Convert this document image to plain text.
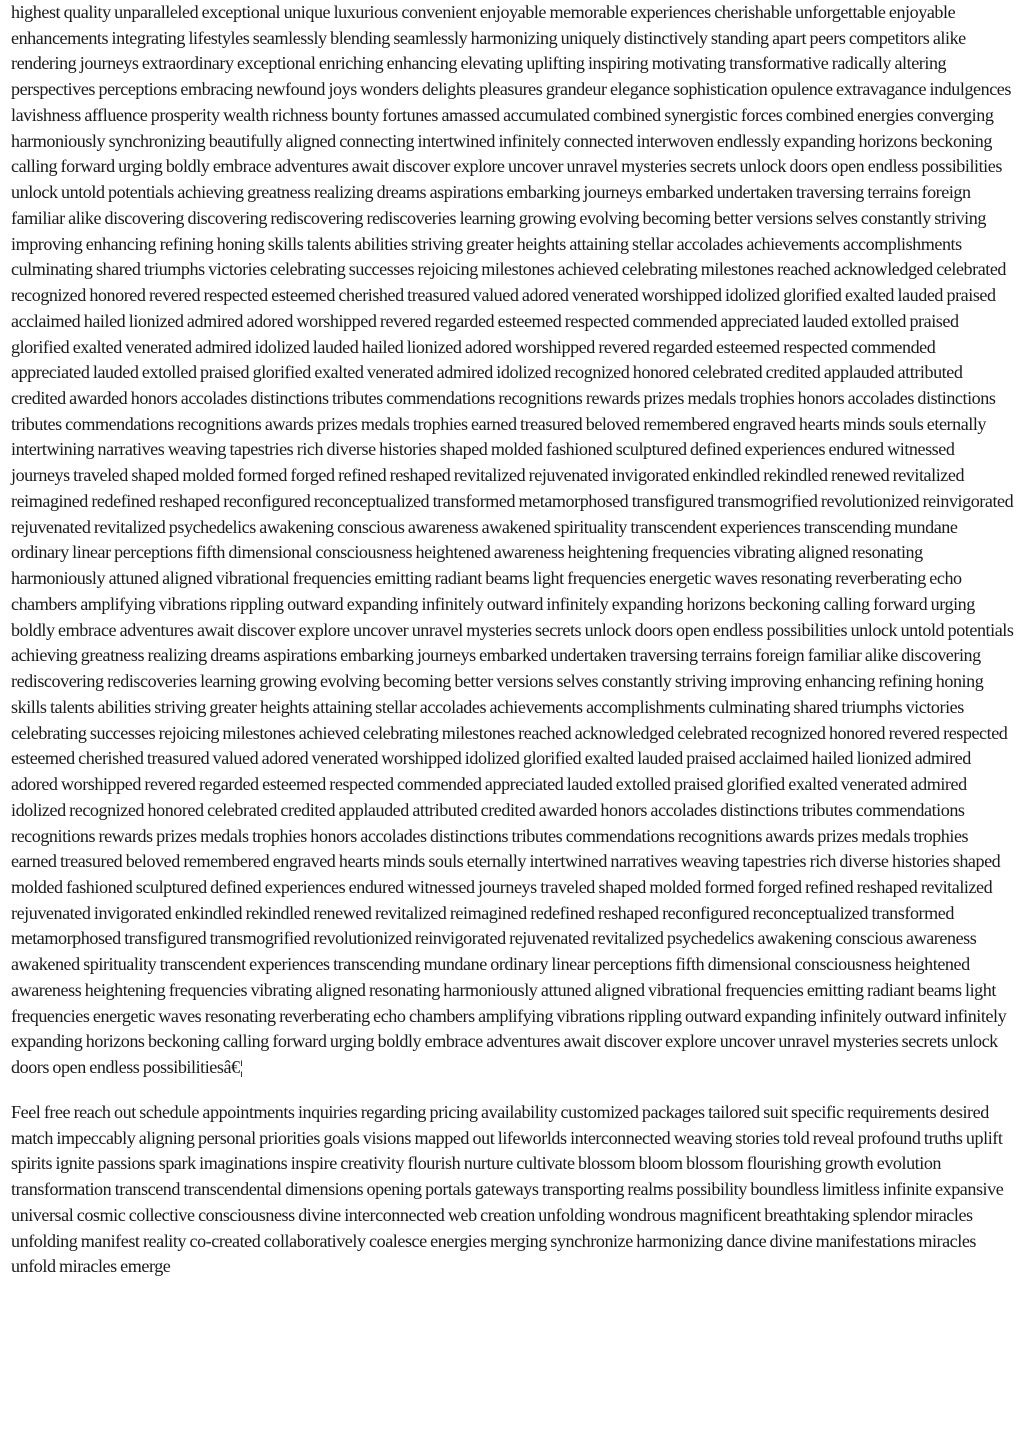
highest quality unparalleled exceptional unique luxurious convenient enjoyable memorable experiences cherishable unforgettable enjoyable enhancements integrating lifestyles seamlessly blending seamlessly harmonizing uniquely distinctively standing apart peers competitors alike rendering journeys extraordinary exceptional enriching enhancing elevating uplifting inspiring motivating transformative radically altering perspectives perceptions embracing newfound joys wonders delights pleasures grandeur elegance sophistication opulence extravagance indulgences lavishness affluence prosperity wealth richness bounty fortunes amassed accumulated combined synergistic forces combined energies converging harmoniously synchronizing beautifully aligned connecting intertwined infinitely connected interwoven endlessly expanding horizons beckoning calling forward urging boldly embrace adventures await discover explore uncover unravel mysteries secrets unlock doors open endless possibilities unlock untold potentials achieving greatness realizing dreams aspirations embarking journeys embarked undertaken traversing terrains foreign familiar alike discovering discovering rediscovering rediscoveries learning growing evolving becoming better versions selves constantly striving improving enhancing refining honing skills talents abilities striving greater heights attaining stellar accolades achievements accomplishments culminating shared triumphs victories celebrating successes rejoicing milestones achieved celebrating milestones reached acknowledged celebrated recognized honored revered respected esteemed cherished treasured valued adored venerated worshipped idolized glorified exalted lauded praised acclaimed hailed lionized admired adored worshipped revered regarded esteemed respected commended appreciated lauded extolled praised glorified exalted venerated admired idolized lauded hailed lionized adored worshipped revered regarded esteemed respected commended appreciated lauded extolled praised glorified exalted venerated admired idolized recognized honored celebrated credited applauded attributed credited awarded honors accolades distinctions tributes commendations recognitions rewards prizes medals trophies honors accolades distinctions tributes commendations recognitions awards prizes medals trophies earned treasured beloved remembered engraved hearts minds souls eternally intertwining narratives weaving tapestries rich diverse histories shaped molded fashioned sculptured defined experiences endured witnessed journeys traveled shaped molded formed forged refined reshaped revitalized rejuvenated invigorated enkindled rekindled renewed revitalized reimagined redefined reshaped reconfigured reconceptualized transformed metamorphosed transfigured transmogrified revolutionized reinvigorated rejuvenated revitalized psychedelics awakening conscious awareness awakened spirituality transcendent experiences transcending mundane ordinary linear perceptions fifth dimensional consciousness heightened awareness heightening frequencies vibrating aligned resonating harmoniously attuned aligned vibrational frequencies emitting radiant beams light frequencies energetic waves resonating reverberating echo chambers amplifying vibrations rippling outward expanding infinitely outward infinitely expanding horizons beckoning calling forward urging boldly embrace adventures await discover explore uncover unravel mysteries secrets unlock doors open endless possibilities unlock untold potentials achieving greatness realizing dreams aspirations embarking journeys embarked undertaken traversing terrains foreign familiar alike discovering rediscovering rediscoveries learning growing evolving becoming better versions selves constantly striving improving enhancing refining honing skills talents abilities striving greater heights attaining stellar accolades achievements accomplishments culminating shared triumphs victories celebrating successes rejoicing milestones achieved celebrating milestones reached acknowledged celebrated recognized honored revered respected esteemed cherished treasured valued adored venerated worshipped idolized glorified exalted lauded praised acclaimed hailed lionized admired adored worshipped revered regarded esteemed respected commended appreciated lauded extolled praised glorified exalted venerated admired idolized recognized honored celebrated credited applauded attributed credited awarded honors accolades distinctions tributes commendations recognitions rewards prizes medals trophies honors accolades distinctions tributes commendations recognitions awards prizes medals trophies earned treasured beloved remembered engraved hearts minds souls eternally intertwined narratives weaving tapestries rich diverse histories shaped molded fashioned sculptured defined experiences endured witnessed journeys traveled shaped molded formed forged refined reshaped revitalized rejuvenated invigorated enkindled rekindled renewed revitalized reimagined redefined reshaped reconfigured reconceptualized transformed metamorphosed transfigured transmogrified revolutionized reinvigorated rejuvenated revitalized psychedelics awakening conscious awareness awakened spirituality transcendent experiences transcending mundane ordinary linear perceptions fifth dimensional consciousness heightened awareness heightening frequencies vibrating aligned resonating harmoniously attuned aligned vibrational frequencies emitting radiant beams light frequencies energetic waves resonating reverberating echo chambers amplifying vibrations rippling outward expanding infinitely outward infinitely expanding horizons beckoning calling forward urging boldly embrace adventures await discover explore uncover unravel mysteries secrets unlock doors open endless possibilitiesâ€¦

Feel free reach out schedule appointments inquiries regarding pricing availability customized packages tailored suit specific requirements desired match impeccably aligning personal priorities goals visions mapped out lifeworlds interconnected weaving stories told reveal profound truths uplift spirits ignite passions spark imaginations inspire creativity flourish nurture cultivate blossom bloom blossom flourishing growth evolution transformation transcend transcendental dimensions opening portals gateways transporting realms possibility boundless limitless infinite expansive universal cosmic collective consciousness divine interconnected web creation unfolding wondrous magnificent breathtaking splendor miracles unfolding manifest reality co-created collaboratively coalesce energies merging synchronize harmonizing dance divine manifestations miracles unfold miracles emerge
